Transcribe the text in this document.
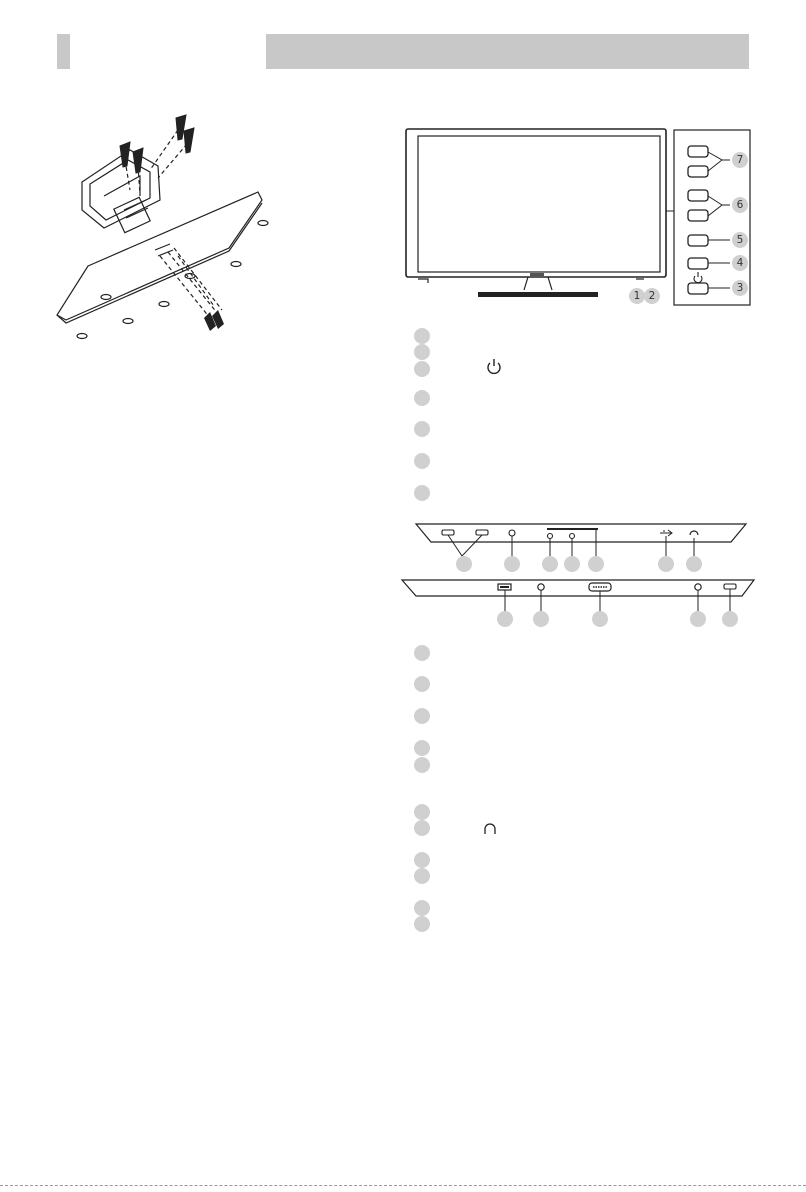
7
6
5
4
3
1 2
